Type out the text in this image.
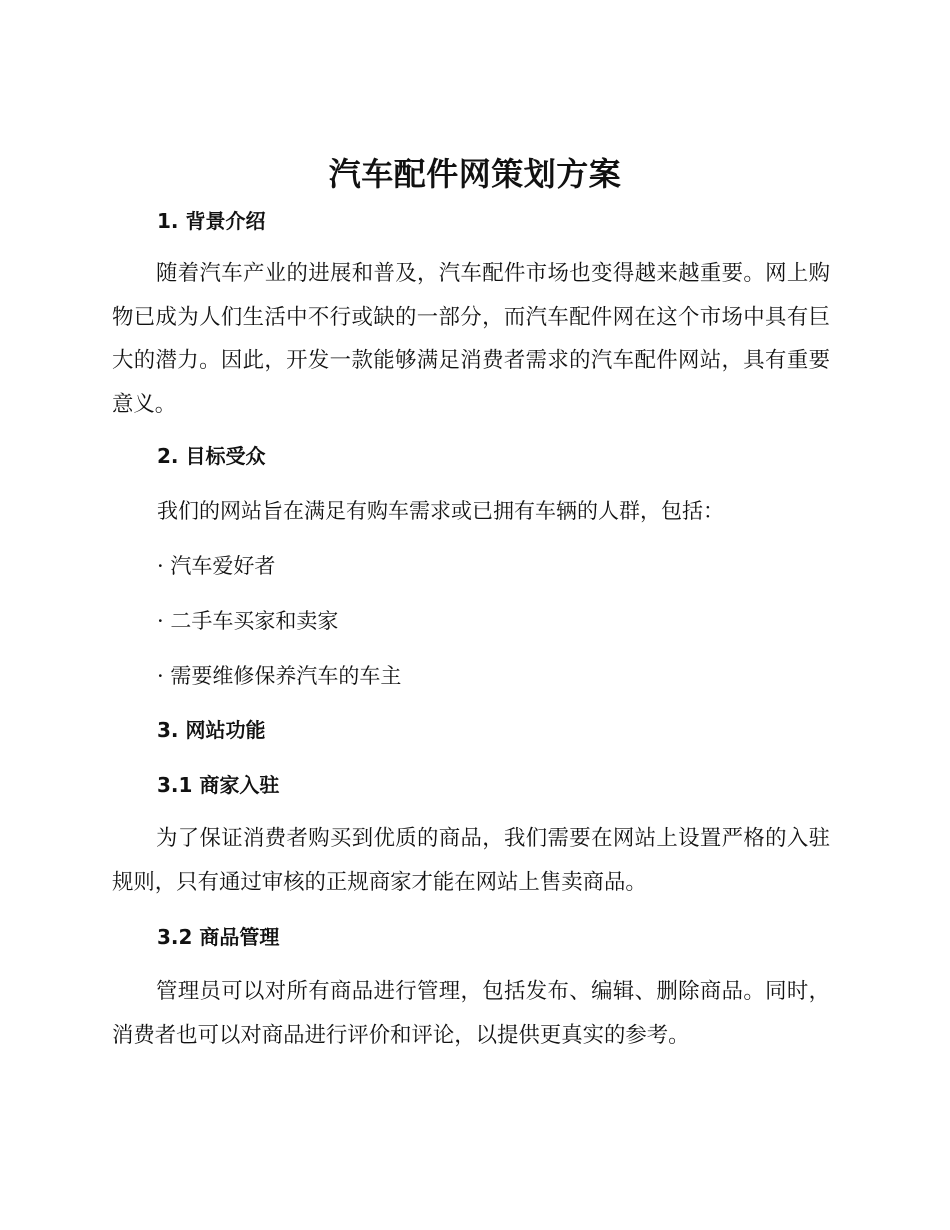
汽车配件网策划方案
1. 背景介绍

随着汽车产业的进展和普及，汽车配件市场也变得越来越重要。网上购物已成为人们生活中不行或缺的一部分，而汽车配件网在这个市场中具有巨大的潜力。因此，开发一款能够满足消费者需求的汽车配件网站，具有重要意义。

2. 目标受众
我们的网站旨在满足有购车需求或已拥有车辆的人群，包括：
· 汽车爱好者
· 二手车买家和卖家
· 需要维修保养汽车的车主
3. 网站功能
3.1 商家入驻

为了保证消费者购买到优质的商品，我们需要在网站上设置严格的入驻规则，只有通过审核的正规商家才能在网站上售卖商品。

3.2 商品管理

管理员可以对所有商品进行管理，包括发布、编辑、删除商品。同时，消费者也可以对商品进行评价和评论，以提供更真实的参考。
